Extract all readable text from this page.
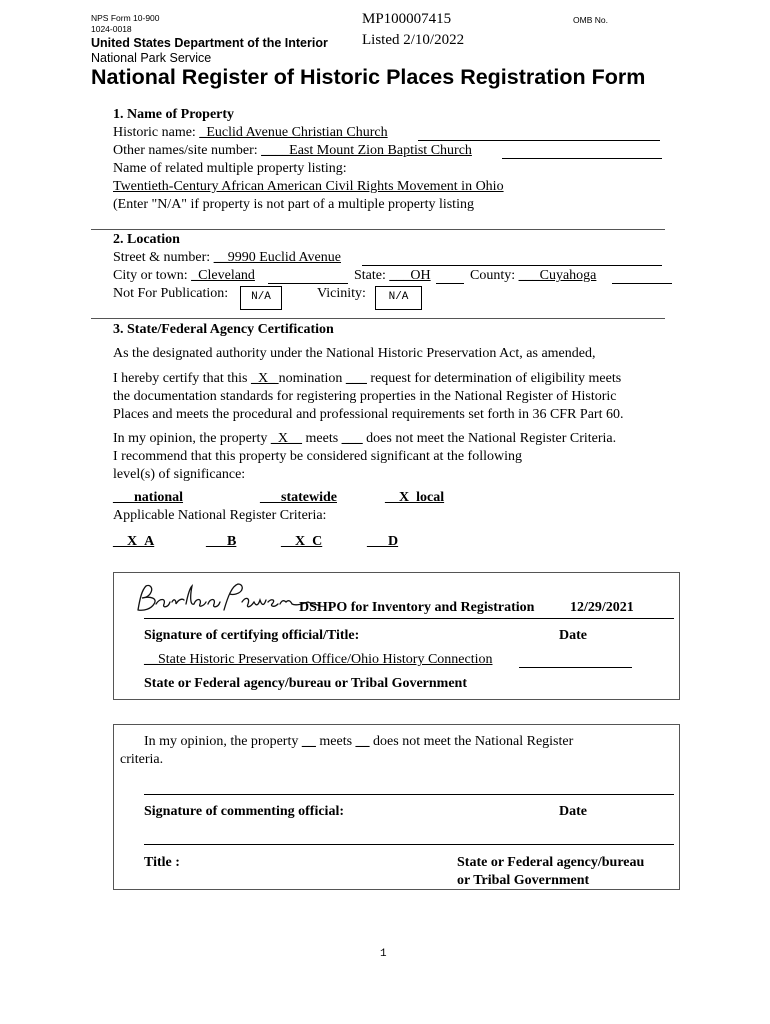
NPS Form 10-900
1024-0018
United States Department of the Interior
National Park Service
MP100007415
Listed 2/10/2022
OMB No.
National Register of Historic Places Registration Form
1. Name of Property
Historic name: _Euclid Avenue Christian Church
Other names/site number: ____East Mount Zion Baptist Church
Name of related multiple property listing:
Twentieth-Century African American Civil Rights Movement in Ohio
(Enter "N/A" if property is not part of a multiple property listing
2. Location
Street & number: __9990 Euclid Avenue
City or town: _Cleveland	State: ___OH	County: ___Cuyahoga
Not For Publication:	N/A	Vicinity:	N/A
3. State/Federal Agency Certification
As the designated authority under the National Historic Preservation Act, as amended,
I hereby certify that this _X_ nomination ___ request for determination of eligibility meets
the documentation standards for registering properties in the National Register of Historic
Places and meets the procedural and professional requirements set forth in 36 CFR Part 60.
In my opinion, the property _X__ meets ___ does not meet the National Register Criteria.
I recommend that this property be considered significant at the following
level(s) of significance:
___national	___statewide	__X_local
Applicable National Register Criteria:
__X_A	___B	__X_C	___D
DSHPO for Inventory and Registration	12/29/2021
Signature of certifying official/Title:	Date
__State Historic Preservation Office/Ohio History Connection
State or Federal agency/bureau or Tribal Government
In my opinion, the property __ meets __ does not meet the National Register
criteria.
Signature of commenting official:	Date
Title :	State or Federal agency/bureau
or Tribal Government
1
